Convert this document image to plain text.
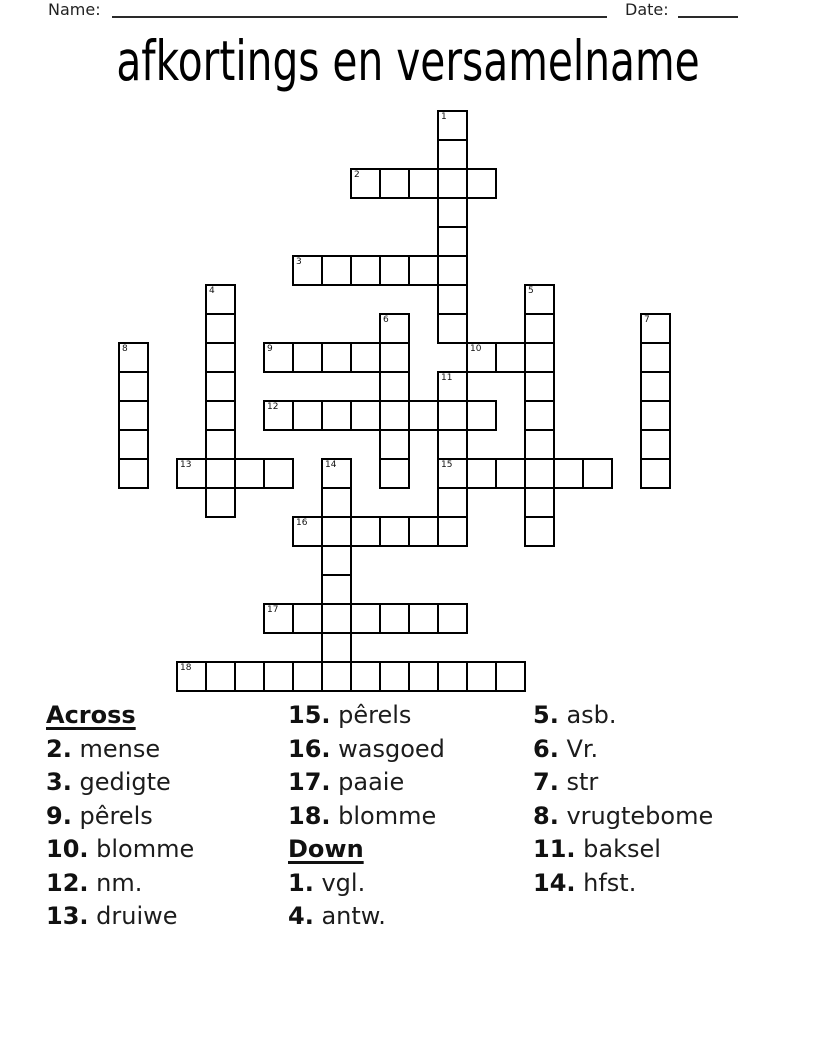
Name:	Date:
afkortings en versamelname
1
2
3
4	5
6	7
8	9	10
11
15
12
13	14
16
17
18
Across
2. mense
3. gedigte
9. pêrels
10. blomme
12. nm.
13. druiwe
15. pêrels
16. wasgoed
17. paaie
18. blomme
Down
1. vgl.
4. antw.
5. asb.
6. Vr.
7. str
8. vrugtebome
11. baksel
14. hfst.
